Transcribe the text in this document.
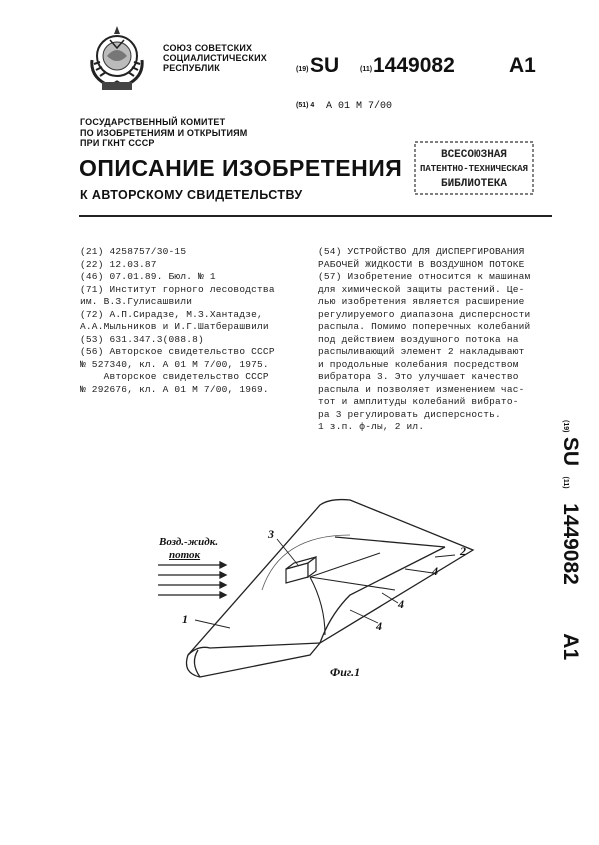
СОЮЗ СОВЕТСКИХ
СОЦИАЛИСТИЧЕСКИХ
РЕСПУБЛИК	(19) SU	(11) 1449082	A1
(51) 4 А 01 М 7/00
ГОСУДАРСТВЕННЫЙ КОМИТЕТ
ПО ИЗОБРЕТЕНИЯМ И ОТКРЫТИЯМ
ПРИ ГКНТ СССР
ОПИСАНИЕ ИЗОБРЕТЕНИЯ
К АВТОРСКОМУ СВИДЕТЕЛЬСТВУ
ВСЕСОЮЗНАЯ
ПАТЕНТНО-ТЕХНИЧЕСКАЯ
БИБЛИОТЕКА
(21) 4258757/30-15
(22) 12.03.87
(46) 07.01.89. Бюл. № 1
(71) Институт горного лесоводства
им. В.З.Гулисашвили
(72) А.П.Сирадзе, М.З.Хантадзе,
А.А.Мыльников и И.Г.Шатберашвили
(53) 631.347.3(088.8)
(56) Авторское свидетельство СССР
№ 527340, кл. А 01 М 7/00, 1975.
Авторское свидетельство СССР
№ 292676, кл. А 01 М 7/00, 1969.
(54) УСТРОЙСТВО ДЛЯ ДИСПЕРГИРОВАНИЯ
РАБОЧЕЙ ЖИДКОСТИ В ВОЗДУШНОМ ПОТОКЕ
(57) Изобретение относится к машинам
для химической защиты растений. Це-
лью изобретения является расширение
регулируемого диапазона дисперсности
распыла. Помимо поперечных колебаний
под действием воздушного потока на
распыливающий элемент 2 накладывают
и продольные колебания посредством
вибратора 3. Это улучшает качество
распыла и позволяет изменением час-
тот и амплитуды колебаний вибрато-
ра 3 регулировать дисперсность.
1 з.п. ф-лы, 2 ил.	(19) SU (11) 1449082 A1
3
2
4
4
4
1
Возд.-жидк.
поток
Фиг.1
